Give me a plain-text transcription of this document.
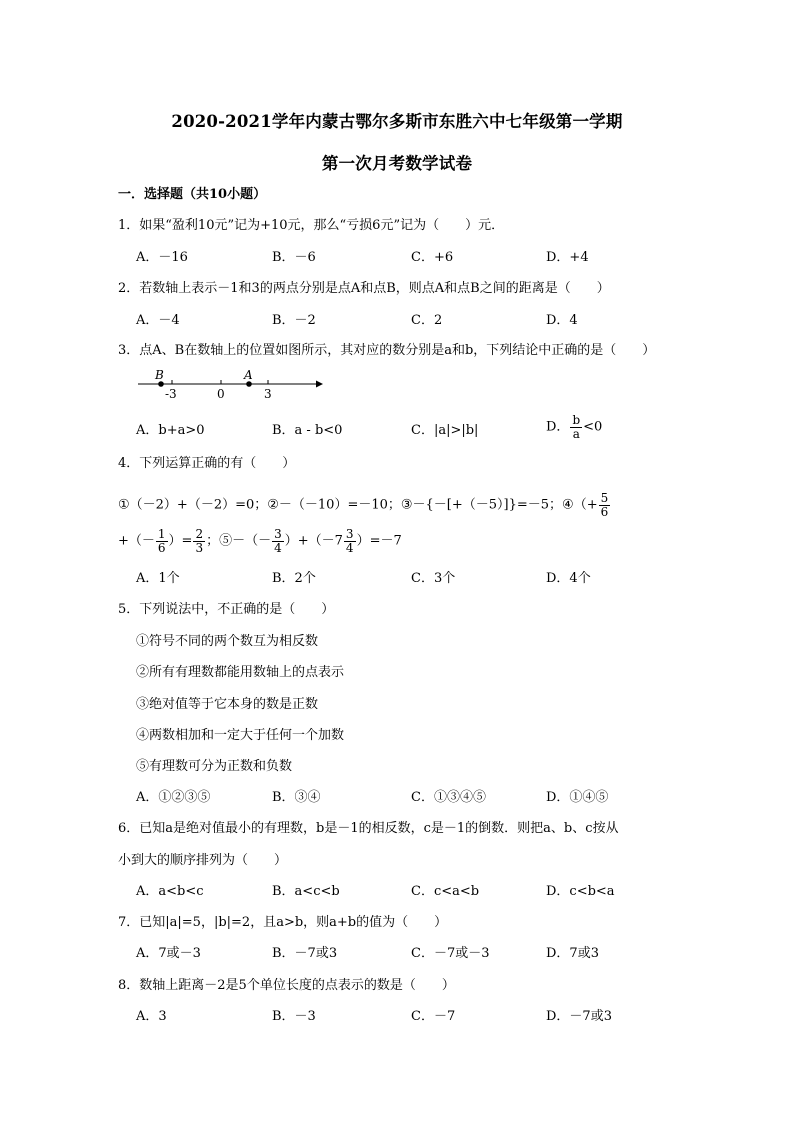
2020-2021学年内蒙古鄂尔多斯市东胜六中七年级第一学期
第一次月考数学试卷
一．选择题（共10小题）
1．如果“盈利10元”记为+10元，那么“亏损6元”记为（　　）元．
A．－16	B．－6	C．+6	D．+4
2．若数轴上表示－1和3的两点分别是点A和点B，则点A和点B之间的距离是（　　）
A．－4	B．－2	C．2	D．4
3．点A、B在数轴上的位置如图所示，其对应的数分别是a和b，下列结论中正确的是（　　）
B	A
-3	0	3
A．b+a>0	B．a - b<0	C．|a|>|b|	D． $\frac{b}{a} <0$
4．下列运算正确的有（　　）
①（－2）+（－2）=0；②－（－10）=－10；③－{－[+（－5）]}=－5；④（+ $\frac{5}{6}$
+（－ $\frac{1}{6}$ ）= $\frac{2}{3}$ ；⑤－（－ $\frac{3}{4} )+(-7 \frac{3}{4} )=-7$
A．1个	B．2个	C．3个	D．4个
5．下列说法中，不正确的是（　　）
①符号不同的两个数互为相反数
②所有有理数都能用数轴上的点表示
③绝对值等于它本身的数是正数
④两数相加和一定大于任何一个加数
⑤有理数可分为正数和负数
A．①②③⑤	B．③④	C．①③④⑤	D．①④⑤
6．已知a是绝对值最小的有理数，b是－1的相反数，c是－1的倒数．则把a、b、c按从
小到大的顺序排列为（　　）
A．a<b<c	B．a<c<b	C．c<a<b	D．c<b<a
7．已知|a|=5，|b|=2，且a>b，则a+b的值为（　　）
A．7或－3	B．－7或3	C．－7或－3	D．7或3
8．数轴上距离－2是5个单位长度的点表示的数是（　　）
A．3	B．－3	C．－7	D．－7或3
